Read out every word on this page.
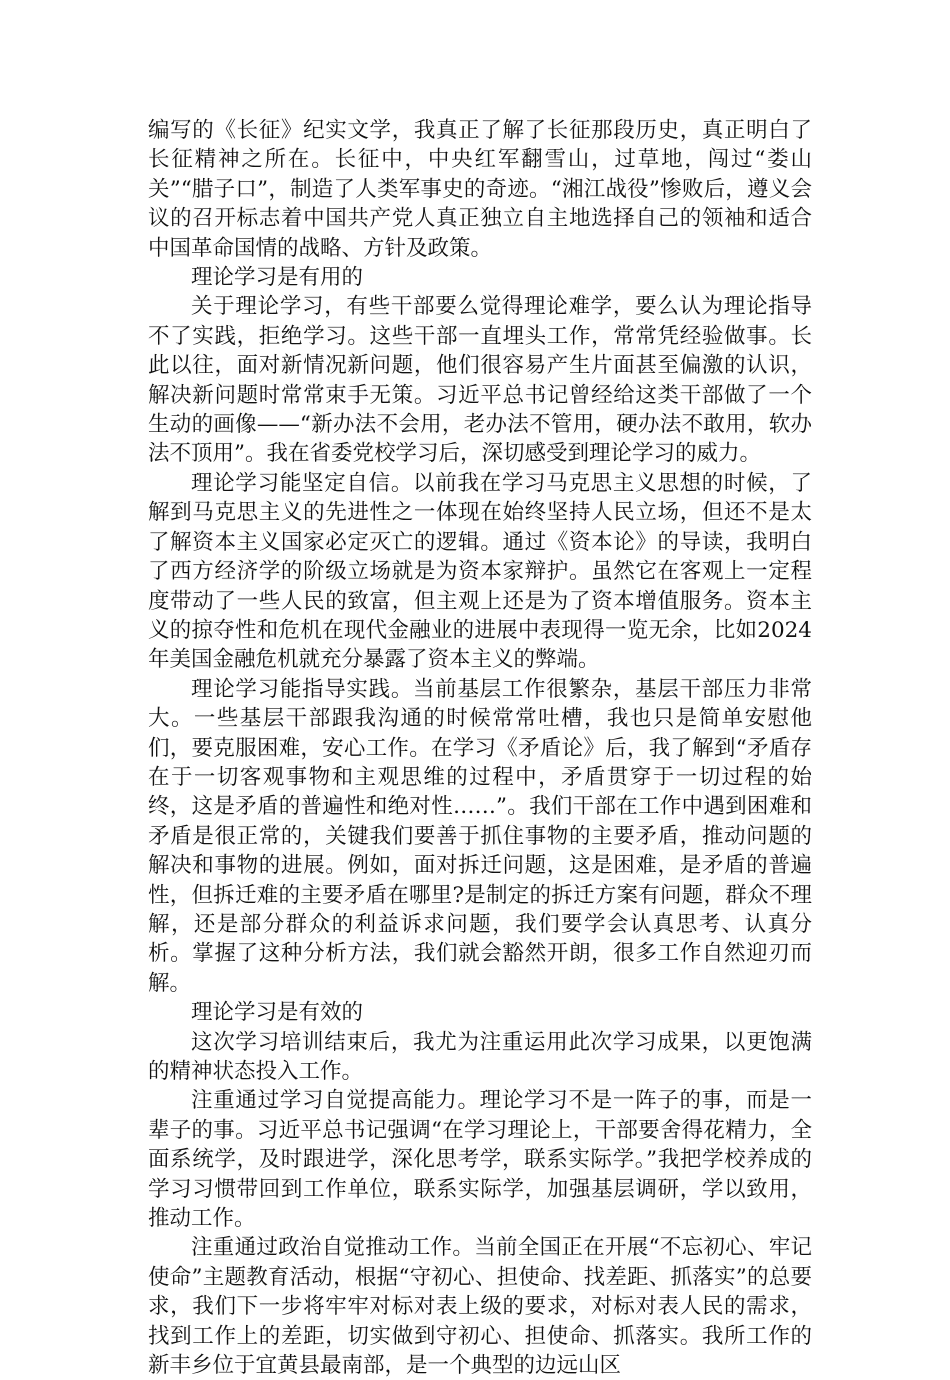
编写的《长征》纪实文学，我真正了解了长征那段历史，真正明白了长征精神之所在。长征中，中央红军翻雪山，过草地，闯过“娄山关”“腊子口”，制造了人类军事史的奇迹。“湘江战役”惨败后，遵义会议的召开标志着中国共产党人真正独立自主地选择自己的领袖和适合中国革命国情的战略、方针及政策。

理论学习是有用的

关于理论学习，有些干部要么觉得理论难学，要么认为理论指导不了实践，拒绝学习。这些干部一直埋头工作，常常凭经验做事。长此以往，面对新情况新问题，他们很容易产生片面甚至偏激的认识，解决新问题时常常束手无策。习近平总书记曾经给这类干部做了一个生动的画像——“新办法不会用，老办法不管用，硬办法不敢用，软办法不顶用”。我在省委党校学习后，深切感受到理论学习的威力。

理论学习能坚定自信。以前我在学习马克思主义思想的时候，了解到马克思主义的先进性之一体现在始终坚持人民立场，但还不是太了解资本主义国家必定灭亡的逻辑。通过《资本论》的导读，我明白了西方经济学的阶级立场就是为资本家辩护。虽然它在客观上一定程度带动了一些人民的致富，但主观上还是为了资本增值服务。资本主义的掠夺性和危机在现代金融业的进展中表现得一览无余，比如2024年美国金融危机就充分暴露了资本主义的弊端。

理论学习能指导实践。当前基层工作很繁杂，基层干部压力非常大。一些基层干部跟我沟通的时候常常吐槽，我也只是简单安慰他们，要克服困难，安心工作。在学习《矛盾论》后，我了解到“矛盾存在于一切客观事物和主观思维的过程中，矛盾贯穿于一切过程的始终，这是矛盾的普遍性和绝对性……”。我们干部在工作中遇到困难和矛盾是很正常的，关键我们要善于抓住事物的主要矛盾，推动问题的解决和事物的进展。例如，面对拆迁问题，这是困难，是矛盾的普遍性，但拆迁难的主要矛盾在哪里?是制定的拆迁方案有问题，群众不理解，还是部分群众的利益诉求问题，我们要学会认真思考、认真分析。掌握了这种分析方法，我们就会豁然开朗，很多工作自然迎刃而解。

理论学习是有效的

这次学习培训结束后，我尤为注重运用此次学习成果，以更饱满的精神状态投入工作。

注重通过学习自觉提高能力。理论学习不是一阵子的事，而是一辈子的事。习近平总书记强调“在学习理论上，干部要舍得花精力，全面系统学，及时跟进学，深化思考学，联系实际学。”我把学校养成的学习习惯带回到工作单位，联系实际学，加强基层调研，学以致用，推动工作。

注重通过政治自觉推动工作。当前全国正在开展“不忘初心、牢记使命”主题教育活动，根据“守初心、担使命、找差距、抓落实”的总要求，我们下一步将牢牢对标对表上级的要求，对标对表人民的需求，找到工作上的差距，切实做到守初心、担使命、抓落实。我所工作的新丰乡位于宜黄县最南部，是一个典型的边远山区
